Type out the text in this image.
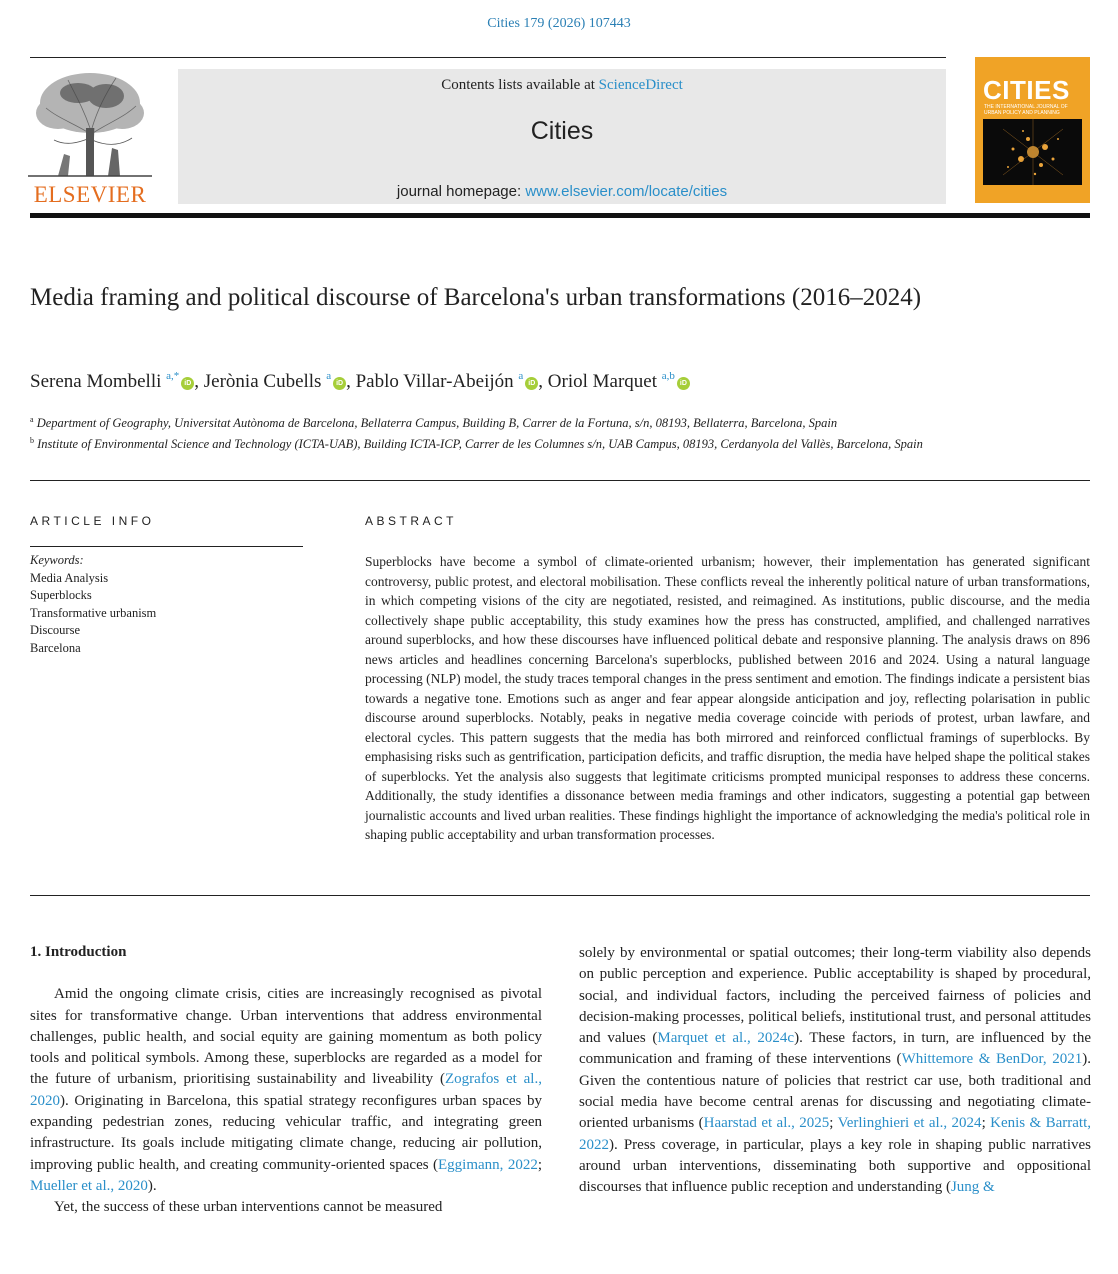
Cities 179 (2026) 107443
ELSEVIER
Contents lists available at ScienceDirect
Cities
journal homepage: www.elsevier.com/locate/cities
CITIES
THE INTERNATIONAL JOURNAL OF URBAN POLICY AND PLANNING
Media framing and political discourse of Barcelona's urban transformations (2016–2024)
Serena Mombelli $^{a,*}$iD , Jerònia Cubells $^a$iD , Pablo Villar-Abeijón $^a$iD , Oriol Marquet $^{a,b}$iD
$^a$ Department of Geography, Universitat Autònoma de Barcelona, Bellaterra Campus, Building B, Carrer de la Fortuna, s/n, 08193, Bellaterra, Barcelona, Spain
$^b$ Institute of Environmental Science and Technology (ICTA-UAB), Building ICTA-ICP, Carrer de les Columnes s/n, UAB Campus, 08193, Cerdanyola del Vallès, Barcelona, Spain
ARTICLE INFO	ABSTRACT
Keywords:
Media Analysis
Superblocks
Transformative urbanism
Discourse
Barcelona

Superblocks have become a symbol of climate-oriented urbanism; however, their implementation has generated significant controversy, public protest, and electoral mobilisation. These conflicts reveal the inherently political nature of urban transformations, in which competing visions of the city are negotiated, resisted, and reimagined. As institutions, public discourse, and the media collectively shape public acceptability, this study examines how the press has constructed, amplified, and challenged narratives around superblocks, and how these discourses have influenced political debate and responsive planning. The analysis draws on 896 news articles and headlines concerning Barcelona's superblocks, published between 2016 and 2024. Using a natural language processing (NLP) model, the study traces temporal changes in the press sentiment and emotion. The findings indicate a persistent bias towards a negative tone. Emotions such as anger and fear appear alongside anticipation and joy, reflecting polarisation in public discourse around superblocks. Notably, peaks in negative media coverage coincide with periods of protest, urban lawfare, and electoral cycles. This pattern suggests that the media has both mirrored and reinforced conflictual framings of superblocks. By emphasising risks such as gentrification, participation deficits, and traffic disruption, the media have helped shape the political stakes of superblocks. Yet the analysis also suggests that legitimate criticisms prompted municipal responses to address these concerns. Additionally, the study identifies a dissonance between media framings and other indicators, suggesting a potential gap between journalistic accounts and lived urban realities. These findings highlight the importance of acknowledging the media's political role in shaping public acceptability and urban transformation processes.

1. Introduction

Amid the ongoing climate crisis, cities are increasingly recognised as pivotal sites for transformative change. Urban interventions that address environmental challenges, public health, and social equity are gaining momentum as both policy tools and political symbols. Among these, superblocks are regarded as a model for the future of urbanism, prioritising sustainability and liveability (Zografos et al., 2020). Originating in Barcelona, this spatial strategy reconfigures urban spaces by expanding pedestrian zones, reducing vehicular traffic, and integrating green infrastructure. Its goals include mitigating climate change, reducing air pollution, improving public health, and creating community-oriented spaces (Eggimann, 2022; Mueller et al., 2020).

Yet, the success of these urban interventions cannot be measured

solely by environmental or spatial outcomes; their long-term viability also depends on public perception and experience. Public acceptability is shaped by procedural, social, and individual factors, including the perceived fairness of policies and decision-making processes, political beliefs, institutional trust, and personal attitudes and values (Marquet et al., 2024c). These factors, in turn, are influenced by the communication and framing of these interventions (Whittemore & BenDor, 2021). Given the contentious nature of policies that restrict car use, both traditional and social media have become central arenas for discussing and negotiating climate-oriented urbanisms (Haarstad et al., 2025; Verlinghieri et al., 2024; Kenis & Barratt, 2022). Press coverage, in particular, plays a key role in shaping public narratives around urban interventions, disseminating both supportive and oppositional discourses that influence public reception and understanding (Jung &
